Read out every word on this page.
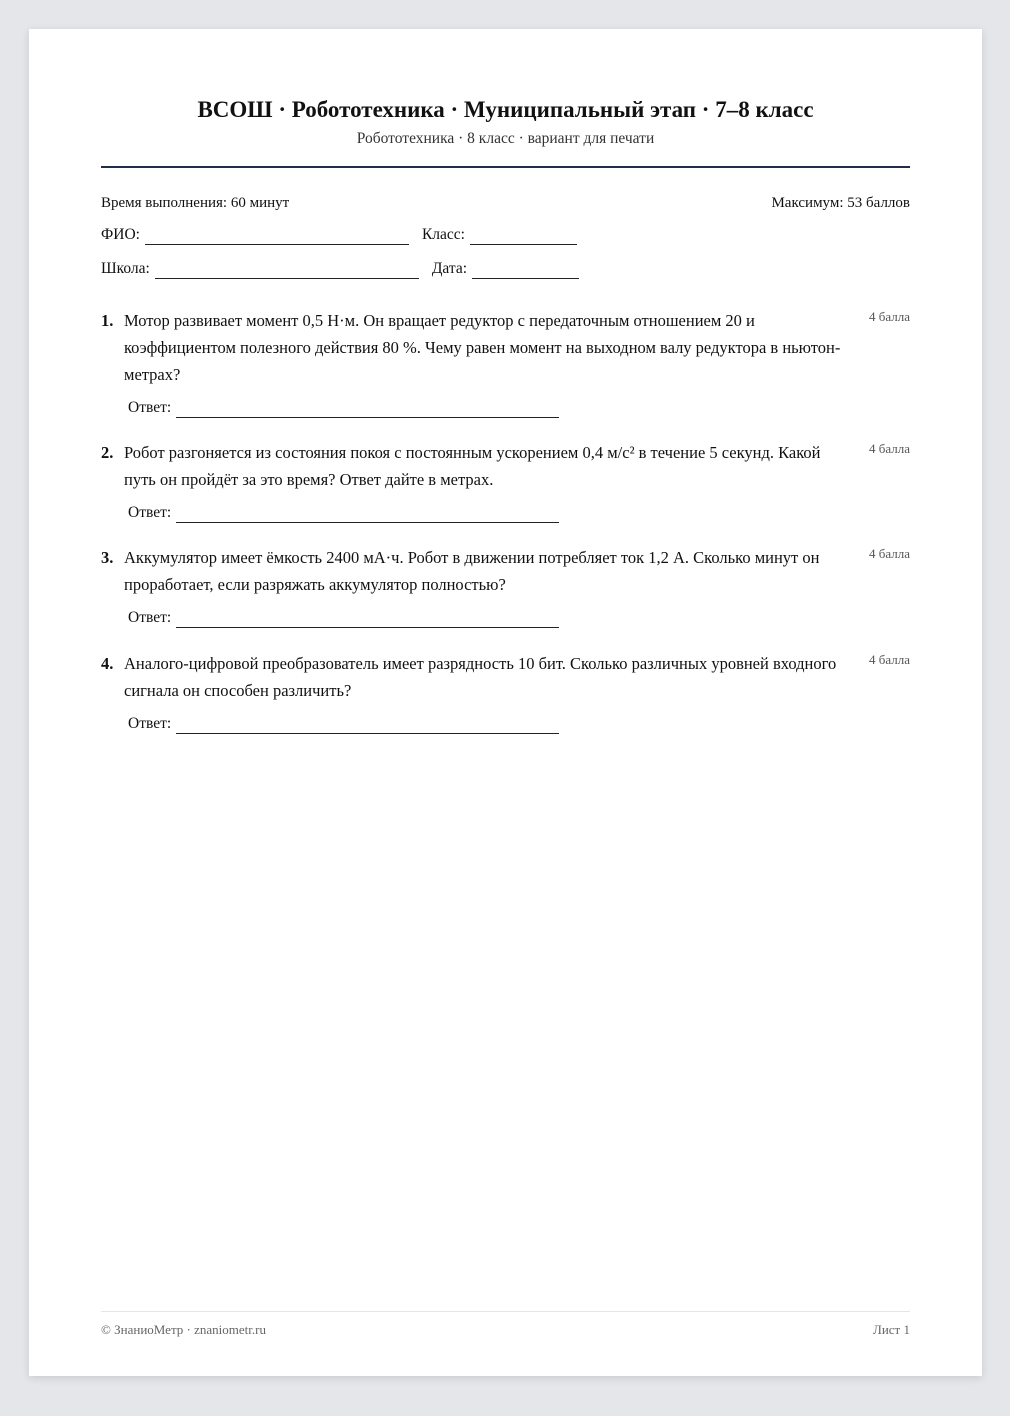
ВСОШ · Робототехника · Муниципальный этап · 7–8 класс
Робототехника · 8 класс · вариант для печати
Время выполнения: 60 минут	Максимум: 53 баллов
ФИО:	Класс:
Школа:	Дата:
1. Мотор развивает момент 0,5 Н·м. Он вращает редуктор с передаточным отношением 20 и коэффициентом полезного действия 80 %. Чему равен момент на выходном валу редуктора в ньютон-метрах?
4 балла
Ответ:
2. Робот разгоняется из состояния покоя с постоянным ускорением 0,4 м/с² в течение 5 секунд. Какой путь он пройдёт за это время? Ответ дайте в метрах.
4 балла
Ответ:
3. Аккумулятор имеет ёмкость 2400 мА·ч. Робот в движении потребляет ток 1,2 А. Сколько минут он проработает, если разряжать аккумулятор полностью?
4 балла
Ответ:
4. Аналого-цифровой преобразователь имеет разрядность 10 бит. Сколько различных уровней входного сигнала он способен различить?
4 балла
Ответ:
© ЗнаниоМетр · znaniometr.ru	Лист 1
